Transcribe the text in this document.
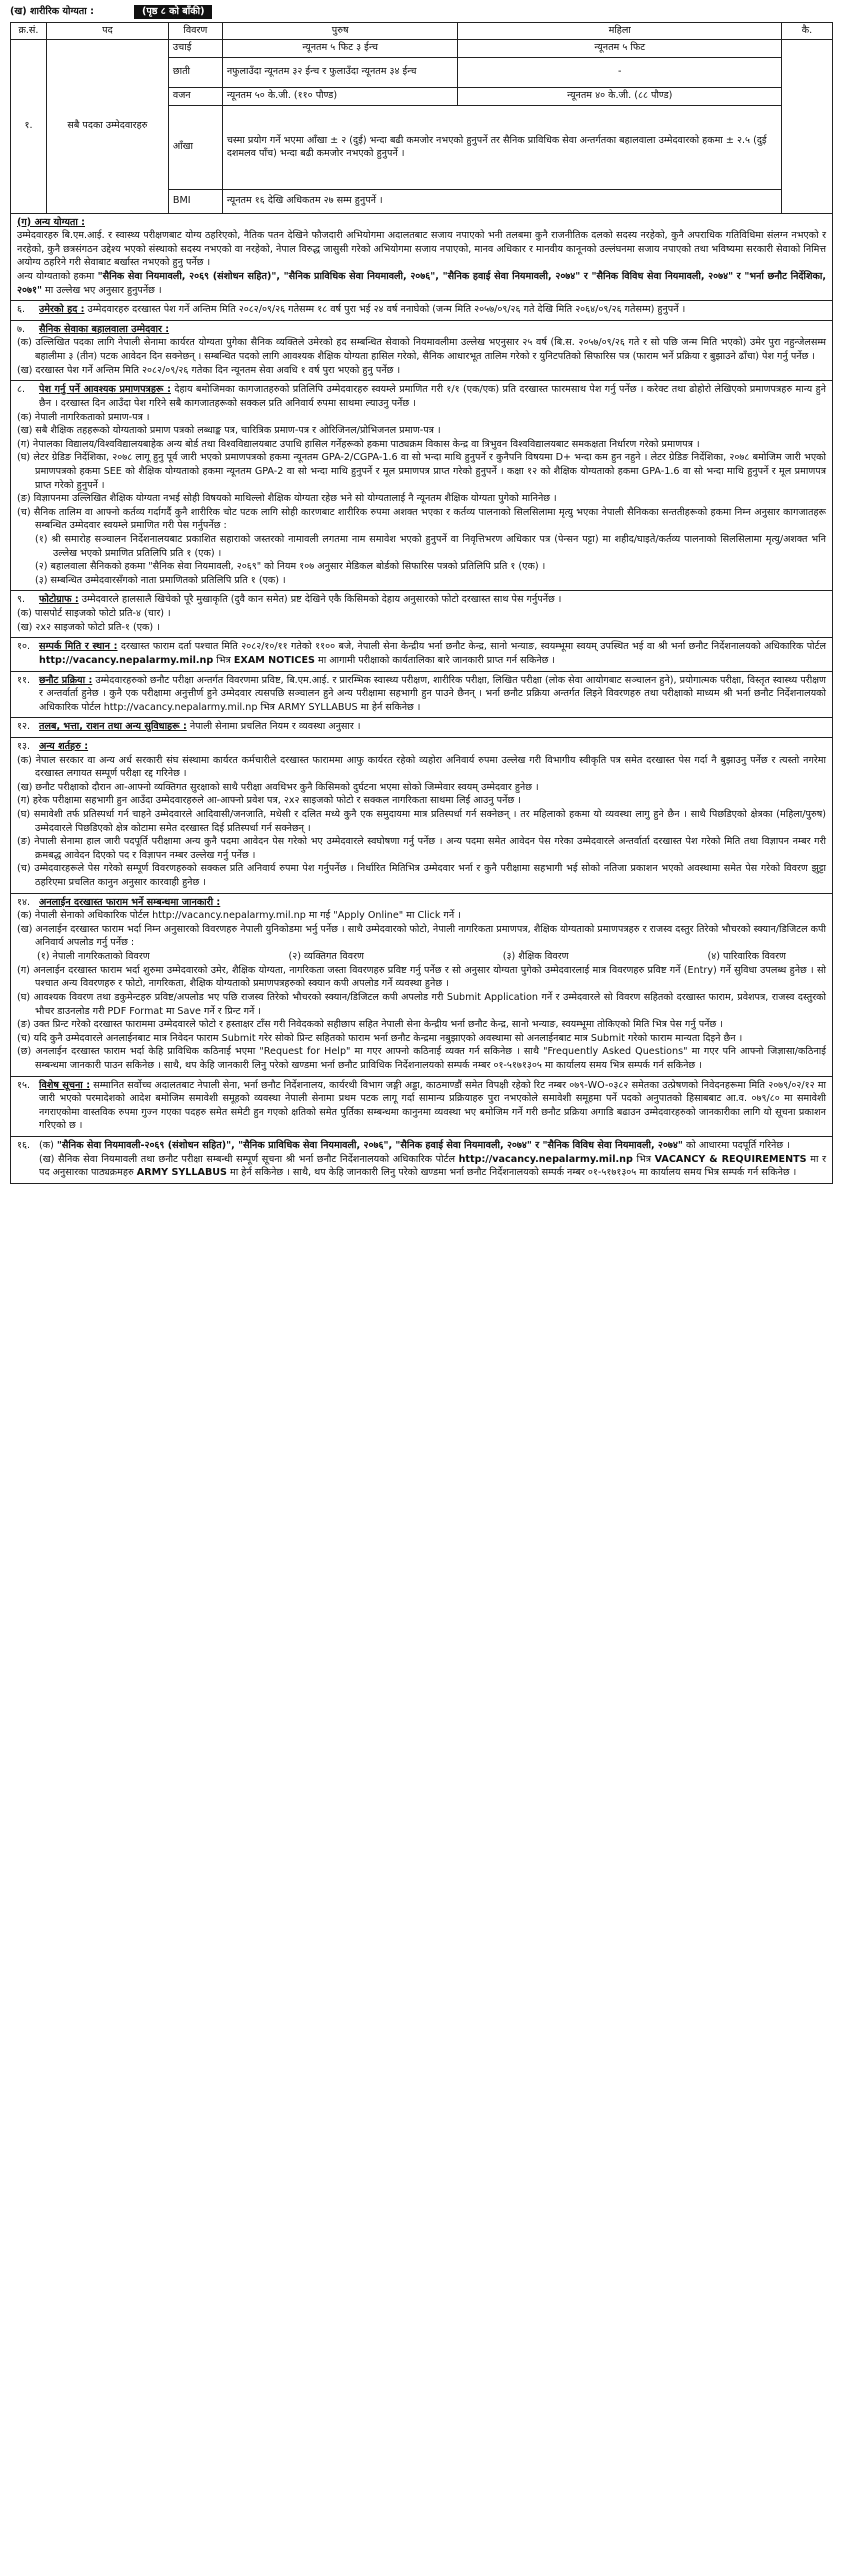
(ख) शारीरिक योग्यता :	(पृष्ठ ८ को बाँकी)
क्र.सं.	पद	विवरण	पुरुष	महिला	कै.
१.	सबै पदका उम्मेदवारहरु	उचाई	न्यूनतम ५ फिट ३ ईन्च	न्यूनतम ५ फिट	
		छाती	नफुलाउँदा न्यूनतम ३२ ईन्च र फुलाउँदा न्यूनतम ३४ ईन्च	-	
		वजन	न्यूनतम ५० के.जी. (११० पौण्ड)	न्यूनतम ४० के.जी. (८८ पौण्ड)	
		आँखा	चस्मा प्रयोग गर्ने भएमा आँखा ± २ (दुई) भन्दा बढी कमजोर नभएको हुनुपर्ने तर सैनिक प्राविधिक सेवा अन्तर्गतका बहालवाला उम्मेदवारको हकमा ± २.५ (दुई दशमलव पाँच) भन्दा बढी कमजोर नभएको हुनुपर्ने ।		
		BMI	न्यूनतम १६ देखि अधिकतम २७ सम्म हुनुपर्ने ।		

(ग) अन्य योग्यता :

उम्मेदवारहरु बि.एम.आई. र स्वास्थ्य परीक्षणबाट योग्य ठहरिएको, नैतिक पतन देखिने फौजदारी अभियोगमा अदालतबाट सजाय नपाएको भनी तलबमा कुनै राजनीतिक दलको सदस्य नरहेको, कुनै अपराधिक गतिविधिमा संलग्न नभएको र नरहेको, कुनै छत्रसंगठन उद्देश्य भएको संस्थाको सदस्य नभएको वा नरहेको, नेपाल विरुद्ध जासुसी गरेको अभियोगमा सजाय नपाएको, मानव अधिकार र मानवीय कानूनको उल्लंघनमा सजाय नपाएको तथा भविष्यमा सरकारी सेवाको निमित्त अयोग्य ठहरिने गरी सेवाबाट बर्खास्त नभएको हुनु पर्नेछ ।

अन्य योग्यताको हकमा "सैनिक सेवा नियमावली, २०६९ (संशोधन सहित)", "सैनिक प्राविधिक सेवा नियमावली, २०७६", "सैनिक हवाई सेवा नियमावली, २०७४" र "सैनिक विविध सेवा नियमावली, २०७४" र "भर्ना छनौट निर्देशिका, २०७१" मा उल्लेख भए अनुसार हुनुपर्नेछ ।

६.	उमेरको हद : उम्मेदवारहरु दरखास्त पेश गर्ने अन्तिम मिति २०८२/०९/२६ गतेसम्म १८ वर्ष पुरा भई २४ वर्ष ननाघेको (जन्म मिति २०५७/०९/२६ गते देखि मिति २०६४/०९/२६ गतेसम्म) हुनुपर्ने ।
७.	सैनिक सेवाका बहालवाला उम्मेदवार :

(क) उल्लिखित पदका लागि नेपाली सेनामा कार्यरत योग्यता पुगेका सैनिक व्यक्तिले उमेरको हद सम्बन्धित सेवाको नियमावलीमा उल्लेख भएनुसार २५ वर्ष (बि.स. २०५७/०९/२६ गते र सो पछि जन्म मिति भएको) उमेर पुरा नहुन्जेलसम्म बहालीमा ३ (तीन) पटक आवेदन दिन सक्नेछन् । सम्बन्धित पदको लागि आवश्यक शैक्षिक योग्यता हासिल गरेको, सैनिक आधारभूत तालिम गरेको र युनिटपतिको सिफारिस पत्र (फाराम भर्ने प्रक्रिया र बुझाउने ढाँचा) पेश गर्नु पर्नेछ ।

(ख) दरखास्त पेश गर्ने अन्तिम मिति २०८२/०९/२६ गतेका दिन न्यूनतम सेवा अवधि १ वर्ष पुरा भएको हुनु पर्नेछ ।

८.	पेश गर्नु पर्ने आवश्यक प्रमाणपत्रहरू : देहाय बमोजिमका कागजातहरुको प्रतिलिपि उम्मेदवारहरु स्वयम्ले प्रमाणित गरी १/१ (एक/एक) प्रति दरखास्त फारमसाथ पेश गर्नु पर्नेछ । करेक्ट तथा ढोहोरो लेखिएको प्रमाणपत्रहरु मान्य हुने छैन । दरखास्त दिन आउँदा पेश गरिने सबै कागजातहरूको सक्कल प्रति अनिवार्य रुपमा साथमा ल्याउनु पर्नेछ ।

(क) नेपाली नागरिकताको प्रमाण-पत्र ।

(ख) सबै शैक्षिक तहहरूको योग्यताको प्रमाण पत्रको लब्धाङ्क पत्र, चारित्रिक प्रमाण-पत्र र ओरिजिनल/प्रोभिजनल प्रमाण-पत्र ।

(ग) नेपालका विद्यालय/विश्वविद्यालयबाहेक अन्य बोर्ड तथा विश्वविद्यालयबाट उपाधि हासिल गर्नेहरूको हकमा पाठ्यक्रम विकास केन्द्र वा त्रिभुवन विश्वविद्यालयबाट समकक्षता निर्धारण गरेको प्रमाणपत्र ।

(घ) लेटर ग्रेडिङ निर्देशिका, २०७८ लागू हुनु पूर्व जारी भएको प्रमाणपत्रको हकमा न्यूनतम GPA-2/CGPA-1.6 वा सो भन्दा माथि हुनुपर्ने र कुनैपनि विषयमा D+ भन्दा कम हुन नहुने । लेटर ग्रेडिङ निर्देशिका, २०७८ बमोजिम जारी भएको प्रमाणपत्रको हकमा SEE को शैक्षिक योग्यताको हकमा न्यूनतम GPA-2 वा सो भन्दा माथि हुनुपर्ने र मूल प्रमाणपत्र प्राप्त गरेको हुनुपर्ने । कक्षा १२ को शैक्षिक योग्यताको हकमा GPA-1.6 वा सो भन्दा माथि हुनुपर्ने र मूल प्रमाणपत्र प्राप्त गरेको हुनुपर्ने ।

(ङ) विज्ञापनमा उल्लिखित शैक्षिक योग्यता नभई सोही विषयको माथिल्लो शैक्षिक योग्यता रहेछ भने सो योग्यतालाई नै न्यूनतम शैक्षिक योग्यता पुगेको मानिनेछ ।

(च) सैनिक तालिम वा आफ्नो कर्तव्य गर्दागर्दै कुनै शारीरिक चोट पटक लागि सोही कारणबाट शारीरिक रुपमा अशक्त भएका र कर्तव्य पालनाको सिलसिलामा मृत्यु भएका नेपाली सैनिकका सन्ततीहरूको हकमा निम्न अनुसार कागजातहरू सम्बन्धित उम्मेदवार स्वयम्ले प्रमाणित गरी पेस गर्नुपर्नेछ :

(१) श्री समारोह सञ्चालन निर्देशनालयबाट प्रकाशित सहाराको जस्तरको नामावली लगतमा नाम समावेश भएको हुनुपर्ने वा निवृत्तिभरण अधिकार पत्र (पेन्सन पट्टा) मा शहीद/घाइते/कर्तव्य पालनाको सिलसिलामा मृत्यु/अशक्त भनि उल्लेख भएको प्रमाणित प्रतिलिपि प्रति १ (एक) ।

(२) बहालवाला सैनिकको हकमा "सैनिक सेवा नियमावली, २०६९" को नियम १०७ अनुसार मेडिकल बोर्डको सिफारिस पत्रको प्रतिलिपि प्रति १ (एक) ।

(३) सम्बन्धित उम्मेदवारसँगको नाता प्रमाणितको प्रतिलिपि प्रति १ (एक) ।

९.	फोटोग्राफ : उम्मेदवारले हालसालै खिचेको पूरै मुखाकृति (दुवै कान समेत) प्रष्ट देखिने एकै किसिमको देहाय अनुसारको फोटो दरखास्त साथ पेस गर्नुपर्नेछ ।

(क) पासपोर्ट साइजको फोटो प्रति-४ (चार) ।

(ख) २x२ साइजको फोटो प्रति-१ (एक) ।

१०. सम्पर्क मिति र स्थान : दरखास्त फाराम दर्ता पश्चात मिति २०८२/१०/११ गतेको ११०० बजे, नेपाली सेना केन्द्रीय भर्ना छनौट केन्द्र, सानो भन्याङ, स्वयम्भूमा स्वयम् उपस्थित भई वा श्री भर्ना छनौट निर्देशनालयको अधिकारिक पोर्टल http://vacancy.nepalarmy.mil.np भित्र EXAM NOTICES मा आगामी परीक्षाको कार्यतालिका बारे जानकारी प्राप्त गर्न सकिनेछ ।
११. छनौट प्रक्रिया : उम्मेदवारहरुको छनौट परीक्षा अन्तर्गत विवरणमा प्रविष्ट, बि.एम.आई. र प्रारम्भिक स्वास्थ्य परीक्षण, शारीरिक परीक्षा, लिखित परीक्षा (लोक सेवा आयोगबाट सञ्चालन हुने), प्रयोगात्मक परीक्षा, विस्तृत स्वास्थ्य परीक्षण र अन्तर्वार्ता हुनेछ । कुनै एक परीक्षामा अनुत्तीर्ण हुने उम्मेदवार त्यसपछि सञ्चालन हुने अन्य परीक्षामा सहभागी हुन पाउने छैनन् । भर्ना छनौट प्रक्रिया अन्तर्गत लिइने विवरणहरु तथा परीक्षाको माध्यम श्री भर्ना छनौट निर्देशनालयको अधिकारिक पोर्टल http://vacancy.nepalarmy.mil.np भित्र ARMY SYLLABUS मा हेर्न सकिनेछ ।
१२. तलब, भत्ता, राशन तथा अन्य सुविधाहरू : नेपाली सेनामा प्रचलित नियम र व्यवस्था अनुसार ।
१३. अन्य शर्तहरु :

(क) नेपाल सरकार वा अन्य अर्ध सरकारी संघ संस्थामा कार्यरत कर्मचारीले दरखास्त फाराममा आफु कार्यरत रहेको व्यहोरा अनिवार्य रुपमा उल्लेख गरी विभागीय स्वीकृति पत्र समेत दरखास्त पेस गर्दा नै बुझाउनु पर्नेछ र त्यस्तो नगरेमा दरखास्त लगायत सम्पूर्ण परीक्षा रद्द गरिनेछ ।

(ख) छनौट परीक्षाको दौरान आ-आफ्नो व्यक्तिगत सुरक्षाको साथै परीक्षा अवधिभर कुनै किसिमको दुर्घटना भएमा सोको जिम्मेवार स्वयम् उम्मेदवार हुनेछ ।

(ग) हरेक परीक्षामा सहभागी हुन आउँदा उम्मेदवारहरुले आ-आफ्नो प्रवेश पत्र, २x२ साइजको फोटो र सक्कल नागरिकता साथमा लिई आउनु पर्नेछ ।

(घ) समावेशी तर्फ प्रतिस्पर्धा गर्न चाहने उम्मेदवारले आदिवासी/जनजाति, मधेसी र दलित मध्ये कुनै एक समुदायमा मात्र प्रतिस्पर्धा गर्न सक्नेछन् । तर महिलाको हकमा यो व्यवस्था लागु हुने छैन । साथै पिछडिएको क्षेत्रका (महिला/पुरुष) उम्मेदवारले पिछडिएको क्षेत्र कोटामा समेत दरखास्त दिई प्रतिस्पर्धा गर्न सक्नेछन् ।

(ङ) नेपाली सेनामा हाल जारी पदपूर्ति परीक्षामा अन्य कुनै पदमा आवेदन पेस गरेको भए उम्मेदवारले स्वघोषणा गर्नु पर्नेछ । अन्य पदमा समेत आवेदन पेस गरेका उम्मेदवारले अन्तर्वार्ता दरखास्त पेश गरेको मिति तथा विज्ञापन नम्बर गरी क्रमबद्ध आवेदन दिएको पद र विज्ञापन नम्बर उल्लेख गर्नु पर्नेछ ।

(च) उम्मेदवारहरूले पेस गरेको सम्पूर्ण विवरणहरुको सक्कल प्रति अनिवार्य रुपमा पेश गर्नुपर्नेछ । निर्धारित मितिभित्र उम्मेदवार भर्ना र कुनै परीक्षामा सहभागी भई सोको नतिजा प्रकाशन भएको अवस्थामा समेत पेस गरेको विवरण झुट्टा ठहरिएमा प्रचलित कानुन अनुसार कारवाही हुनेछ ।

१४. अनलाईन दरखास्त फाराम भर्ने सम्बन्धमा जानकारी :

(क) नेपाली सेनाको अधिकारिक पोर्टल http://vacancy.nepalarmy.mil.np मा गई "Apply Online" मा Click गर्ने ।

(ख) अनलाईन दरखास्त फाराम भर्दा निम्न अनुसारको विवरणहरु नेपाली युनिकोडमा भर्नु पर्नेछ । साथै उम्मेदवारको फोटो, नेपाली नागरिकता प्रमाणपत्र, शैक्षिक योग्यताको प्रमाणपत्रहरु र राजस्व दस्तुर तिरेको भौचरको स्क्यान/डिजिटल कपी अनिवार्य अपलोड गर्नु पर्नेछ :

(१) नेपाली नागरिकताको विवरण	(२) व्यक्तिगत विवरण	(३) शैक्षिक विवरण	(४) पारिवारिक विवरण

(ग) अनलाईन दरखास्त फाराम भर्दा शुरुमा उम्मेदवारको उमेर, शैक्षिक योग्यता, नागरिकता जस्ता विवरणहरु प्रविष्ट गर्नु पर्नेछ र सो अनुसार योग्यता पुगेको उम्मेदवारलाई मात्र विवरणहरु प्रविष्ट गर्ने (Entry) गर्ने सुविधा उपलब्ध हुनेछ । सो पश्चात अन्य विवरणहरु र फोटो, नागरिकता, शैक्षिक योग्यताको प्रमाणपत्रहरुको स्क्यान कपी अपलोड गर्ने व्यवस्था हुनेछ ।

(घ) आवश्यक विवरण तथा डकुमेन्टहरु प्रविष्ट/अपलोड भए पछि राजस्व तिरेको भौचरको स्क्यान/डिजिटल कपी अपलोड गरी Submit Application गर्ने र उम्मेदवारले सो विवरण सहितको दरखास्त फाराम, प्रवेशपत्र, राजस्व दस्तुरको भौचर डाउनलोड गरी PDF Format मा Save गर्ने र प्रिन्ट गर्ने ।

(ङ) उक्त प्रिन्ट गरेको दरखास्त फाराममा उम्मेदवारले फोटो र हस्ताक्षर टाँस गरी निवेदकको सहीछाप सहित नेपाली सेना केन्द्रीय भर्ना छनौट केन्द्र, सानो भन्याङ, स्वयम्भूमा तोकिएको मिति भित्र पेस गर्नु पर्नेछ ।

(च) यदि कुनै उम्मेदवारले अनलाईनबाट मात्र निवेदन फाराम Submit गरेर सोको प्रिन्ट सहितको फाराम भर्ना छनौट केन्द्रमा नबुझाएको अवस्थामा सो अनलाईनबाट मात्र Submit गरेको फाराम मान्यता दिइने छैन ।

(छ) अनलाईन दरखास्त फाराम भर्दा केहि प्राविधिक कठिनाई भएमा "Request for Help" मा गएर आफ्नो कठिनाई व्यक्त गर्न सकिनेछ । साथै "Frequently Asked Questions" मा गएर पनि आफ्नो जिज्ञासा/कठिनाई सम्बन्धमा जानकारी पाउन सकिनेछ । साथै, थप केहि जानकारी लिनु परेको खण्डमा भर्ना छनौट प्राविधिक निर्देशनालयको सम्पर्क नम्बर ०१-५१७१३०५ मा कार्यालय समय भित्र सम्पर्क गर्न सकिनेछ ।

१५. विशेष सूचना : सम्मानित सर्वोच्च अदालतबाट नेपाली सेना, भर्ना छनौट निर्देशनालय, कार्यरथी विभाग जङ्गी अड्डा, काठमाण्डौं समेत विपक्षी रहेको रिट नम्बर ०७९-WO-०३८२ समेतका उत्प्रेषणको निवेदनहरूमा मिति २०७९/०२/१२ मा जारी भएको परमादेशको आदेश बमोजिम समावेशी समूहको व्यवस्था नेपाली सेनामा प्रथम पटक लागू गर्दा सामान्य प्रक्रियाहरु पुरा नभएकोले समावेशी समूहमा पर्ने पदको अनुपातको हिसाबबाट आ.व. ०७९/८० मा समावेशी नगराएकोमा वास्तविक रुपमा गुज्न गएका पदहरु समेत समेटी हुन गएको क्षतिको समेत पुर्तिका सम्बन्धमा कानुनमा व्यवस्था भए बमोजिम गर्ने गरी छनौट प्रक्रिया अगाडि बढाउन उम्मेदवारहरुको जानकारीका लागि यो सूचना प्रकाशन गरिएको छ ।
१६. (क) "सैनिक सेवा नियमावली-२०६९ (संशोधन सहित)", "सैनिक प्राविधिक सेवा नियमावली, २०७६", "सैनिक हवाई सेवा नियमावली, २०७४" र "सैनिक विविध सेवा नियमावली, २०७४" को आधारमा पदपूर्ति गरिनेछ ।
(ख) सैनिक सेवा नियमावली तथा छनौट परीक्षा सम्बन्धी सम्पूर्ण सूचना श्री भर्ना छनौट निर्देशनालयको अधिकारिक पोर्टल http://vacancy.nepalarmy.mil.np भित्र VACANCY & REQUIREMENTS मा र पद अनुसारका पाठ्यक्रमहरु ARMY SYLLABUS मा हेर्न सकिनेछ । साथै, थप केहि जानकारी लिनु परेको खण्डमा भर्ना छनौट निर्देशनालयको सम्पर्क नम्बर ०१-५१७१३०५ मा कार्यालय समय भित्र सम्पर्क गर्न सकिनेछ ।
